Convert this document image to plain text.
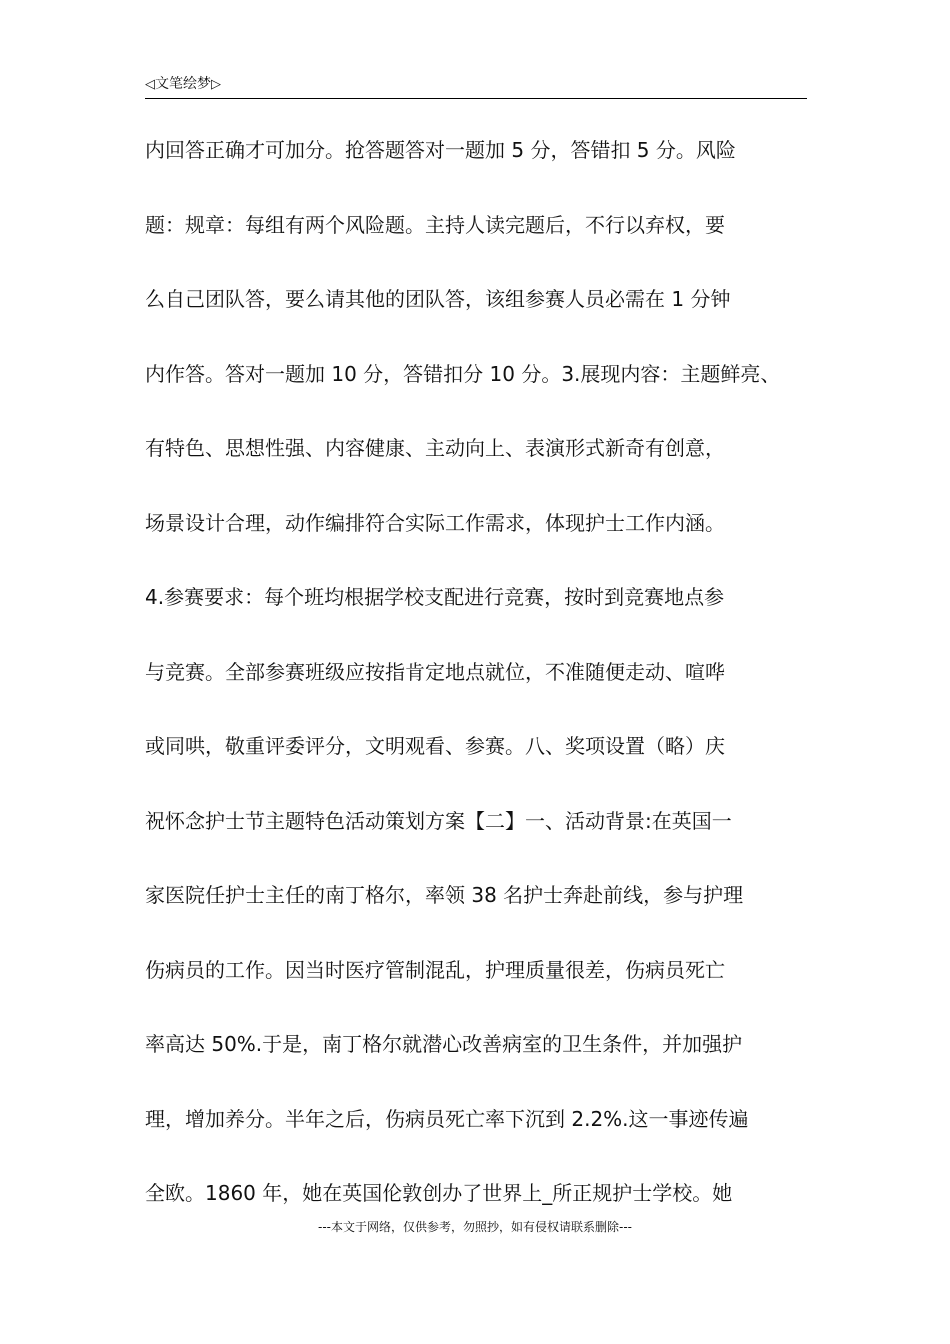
◁文笔绘梦▷
内回答正确才可加分。抢答题答对一题加 5 分，答错扣 5 分。风险
题：规章：每组有两个风险题。主持人读完题后，不行以弃权，要
么自己团队答，要么请其他的团队答，该组参赛人员必需在 1 分钟
内作答。答对一题加 10 分，答错扣分 10 分。3.展现内容：主题鲜亮、
有特色、思想性强、内容健康、主动向上、表演形式新奇有创意，
场景设计合理，动作编排符合实际工作需求，体现护士工作内涵。
4.参赛要求：每个班均根据学校支配进行竞赛，按时到竞赛地点参
与竞赛。全部参赛班级应按指肯定地点就位，不准随便走动、喧哗
或同哄，敬重评委评分，文明观看、参赛。八、奖项设置（略）庆
祝怀念护士节主题特色活动策划方案【二】一、活动背景:在英国一
家医院任护士主任的南丁格尔，率领 38 名护士奔赴前线，参与护理
伤病员的工作。因当时医疗管制混乱，护理质量很差，伤病员死亡
率高达 50%.于是，南丁格尔就潜心改善病室的卫生条件，并加强护
理，增加养分。半年之后，伤病员死亡率下沉到 2.2%.这一事迹传遍
全欧。1860 年，她在英国伦敦创办了世界上_所正规护士学校。她
---本文于网络，仅供参考，勿照抄，如有侵权请联系删除---
